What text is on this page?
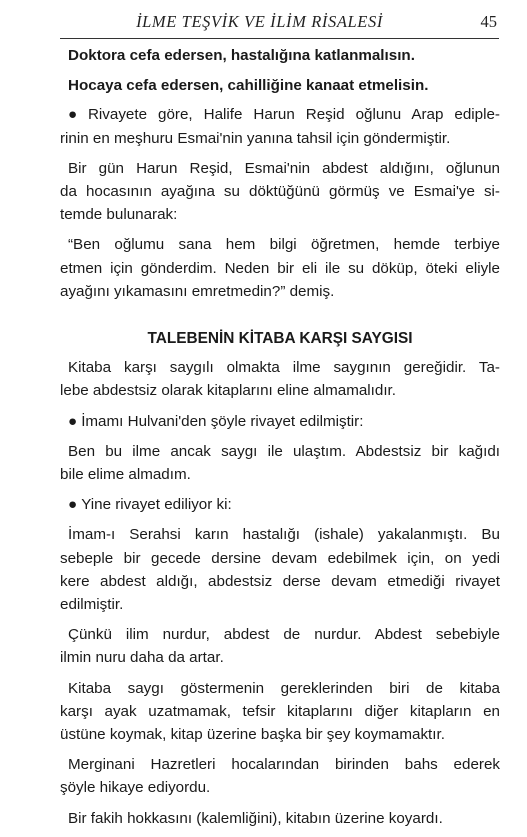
İLME TEŞVİK VE İLİM RİSALESİ	45
Doktora cefa edersen, hastalığına katlanmalısın.
Hocaya cefa edersen, cahilliğine kanaat etmelisin.
● Rivayete göre, Halife Harun Reşid oğlunu Arap ediple-
rinin en meşhuru Esmai'nin yanına tahsil için göndermiştir.
Bir gün Harun Reşid, Esmai'nin abdest aldığını, oğlunun
da hocasının ayağına su döktüğünü görmüş ve Esmai'ye si-
temde bulunarak:
“Ben oğlumu sana hem bilgi öğretmen, hemde terbiye
etmen için gönderdim. Neden bir eli ile su döküp, öteki eliyle
ayağını yıkamasını emretmedin?” demiş.
TALEBENİN KİTABA KARŞI SAYGISI
Kitaba karşı saygılı olmakta ilme saygının gereğidir. Ta-
lebe abdestsiz olarak kitaplarını eline almamalıdır.
● İmamı Hulvani'den şöyle rivayet edilmiştir:
Ben bu ilme ancak saygı ile ulaştım. Abdestsiz bir kağıdı
bile elime almadım.
● Yine rivayet ediliyor ki:
İmam-ı Serahsi karın hastalığı (ishale) yakalanmıştı. Bu
sebeple bir gecede dersine devam edebilmek için, on yedi
kere abdest aldığı, abdestsiz derse devam etmediği rivayet
edilmiştir.
Çünkü ilim nurdur, abdest de nurdur. Abdest sebebiyle
ilmin nuru daha da artar.
Kitaba saygı göstermenin gereklerinden biri de kitaba
karşı ayak uzatmamak, tefsir kitaplarını diğer kitapların en
üstüne koymak, kitap üzerine başka bir şey koymamaktır.
Merginani Hazretleri hocalarından birinden bahs ederek
şöyle hikaye ediyordu.
Bir fakih hokkasını (kalemliğini), kitabın üzerine koyardı.
